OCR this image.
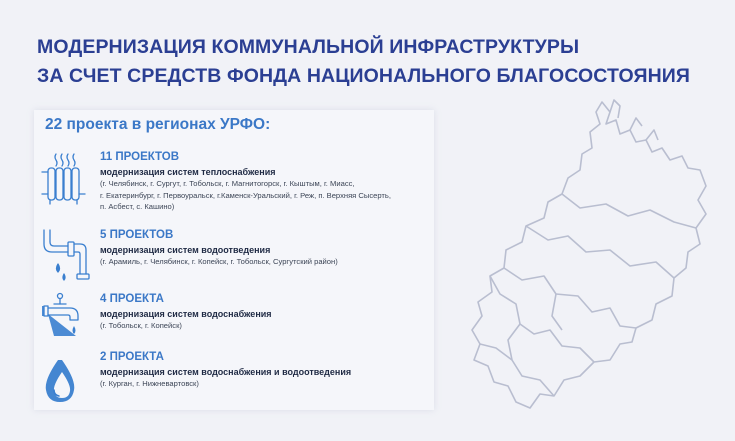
МОДЕРНИЗАЦИЯ КОММУНАЛЬНОЙ ИНФРАСТРУКТУРЫ
ЗА СЧЕТ СРЕДСТВ ФОНДА НАЦИОНАЛЬНОГО БЛАГОСОСТОЯНИЯ
22 проекта в регионах УРФО:
11 ПРОЕКТОВ
модернизация систем теплоснабжения
(г. Челябинск, г. Сургут, г. Тобольск, г. Магнитогорск, г. Кыштым, г. Миасс,
г. Екатеринбург, г. Первоуральск, г.Каменск-Уральский, г. Реж, п. Верхняя Сысерть,
п. Асбест, с. Кашино)
5 ПРОЕКТОВ
модернизация систем водоотведения
(г. Арамиль, г. Челябинск, г. Копейск, г. Тобольск, Сургутский район)
4 ПРОЕКТА
модернизация систем водоснабжения
(г. Тобольск, г. Копейск)
2 ПРОЕКТА
модернизация систем водоснабжения и водоотведения
(г. Курган, г. Нижневартовск)
